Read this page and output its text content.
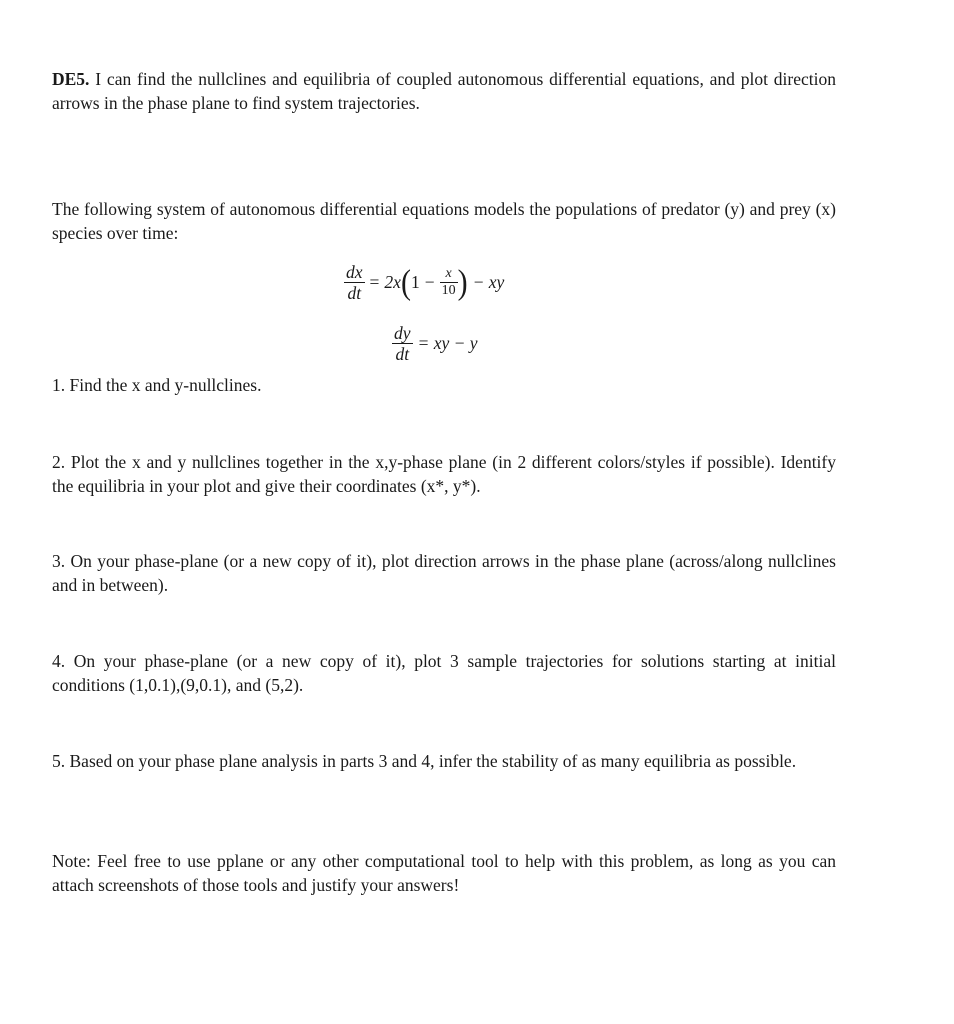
DE5. I can find the nullclines and equilibria of coupled autonomous differential equations, and plot direction arrows in the phase plane to find system trajectories.
The following system of autonomous differential equations models the populations of predator (y) and prey (x) species over time:
$\frac{dx}{dt} = 2x$ ( $1 - \frac{x}{10}$ ) − xy
$\frac{dy}{dt}$ = xy − y
1. Find the x and y-nullclines.
2. Plot the x and y nullclines together in the x,y-phase plane (in 2 different colors/styles if possible). Identify the equilibria in your plot and give their coordinates (x*, y*).
3. On your phase-plane (or a new copy of it), plot direction arrows in the phase plane (across/along nullclines and in between).
4. On your phase-plane (or a new copy of it), plot 3 sample trajectories for solutions starting at initial conditions (1,0.1),(9,0.1), and (5,2).
5. Based on your phase plane analysis in parts 3 and 4, infer the stability of as many equilibria as possible.
Note: Feel free to use pplane or any other computational tool to help with this problem, as long as you can attach screenshots of those tools and justify your answers!
